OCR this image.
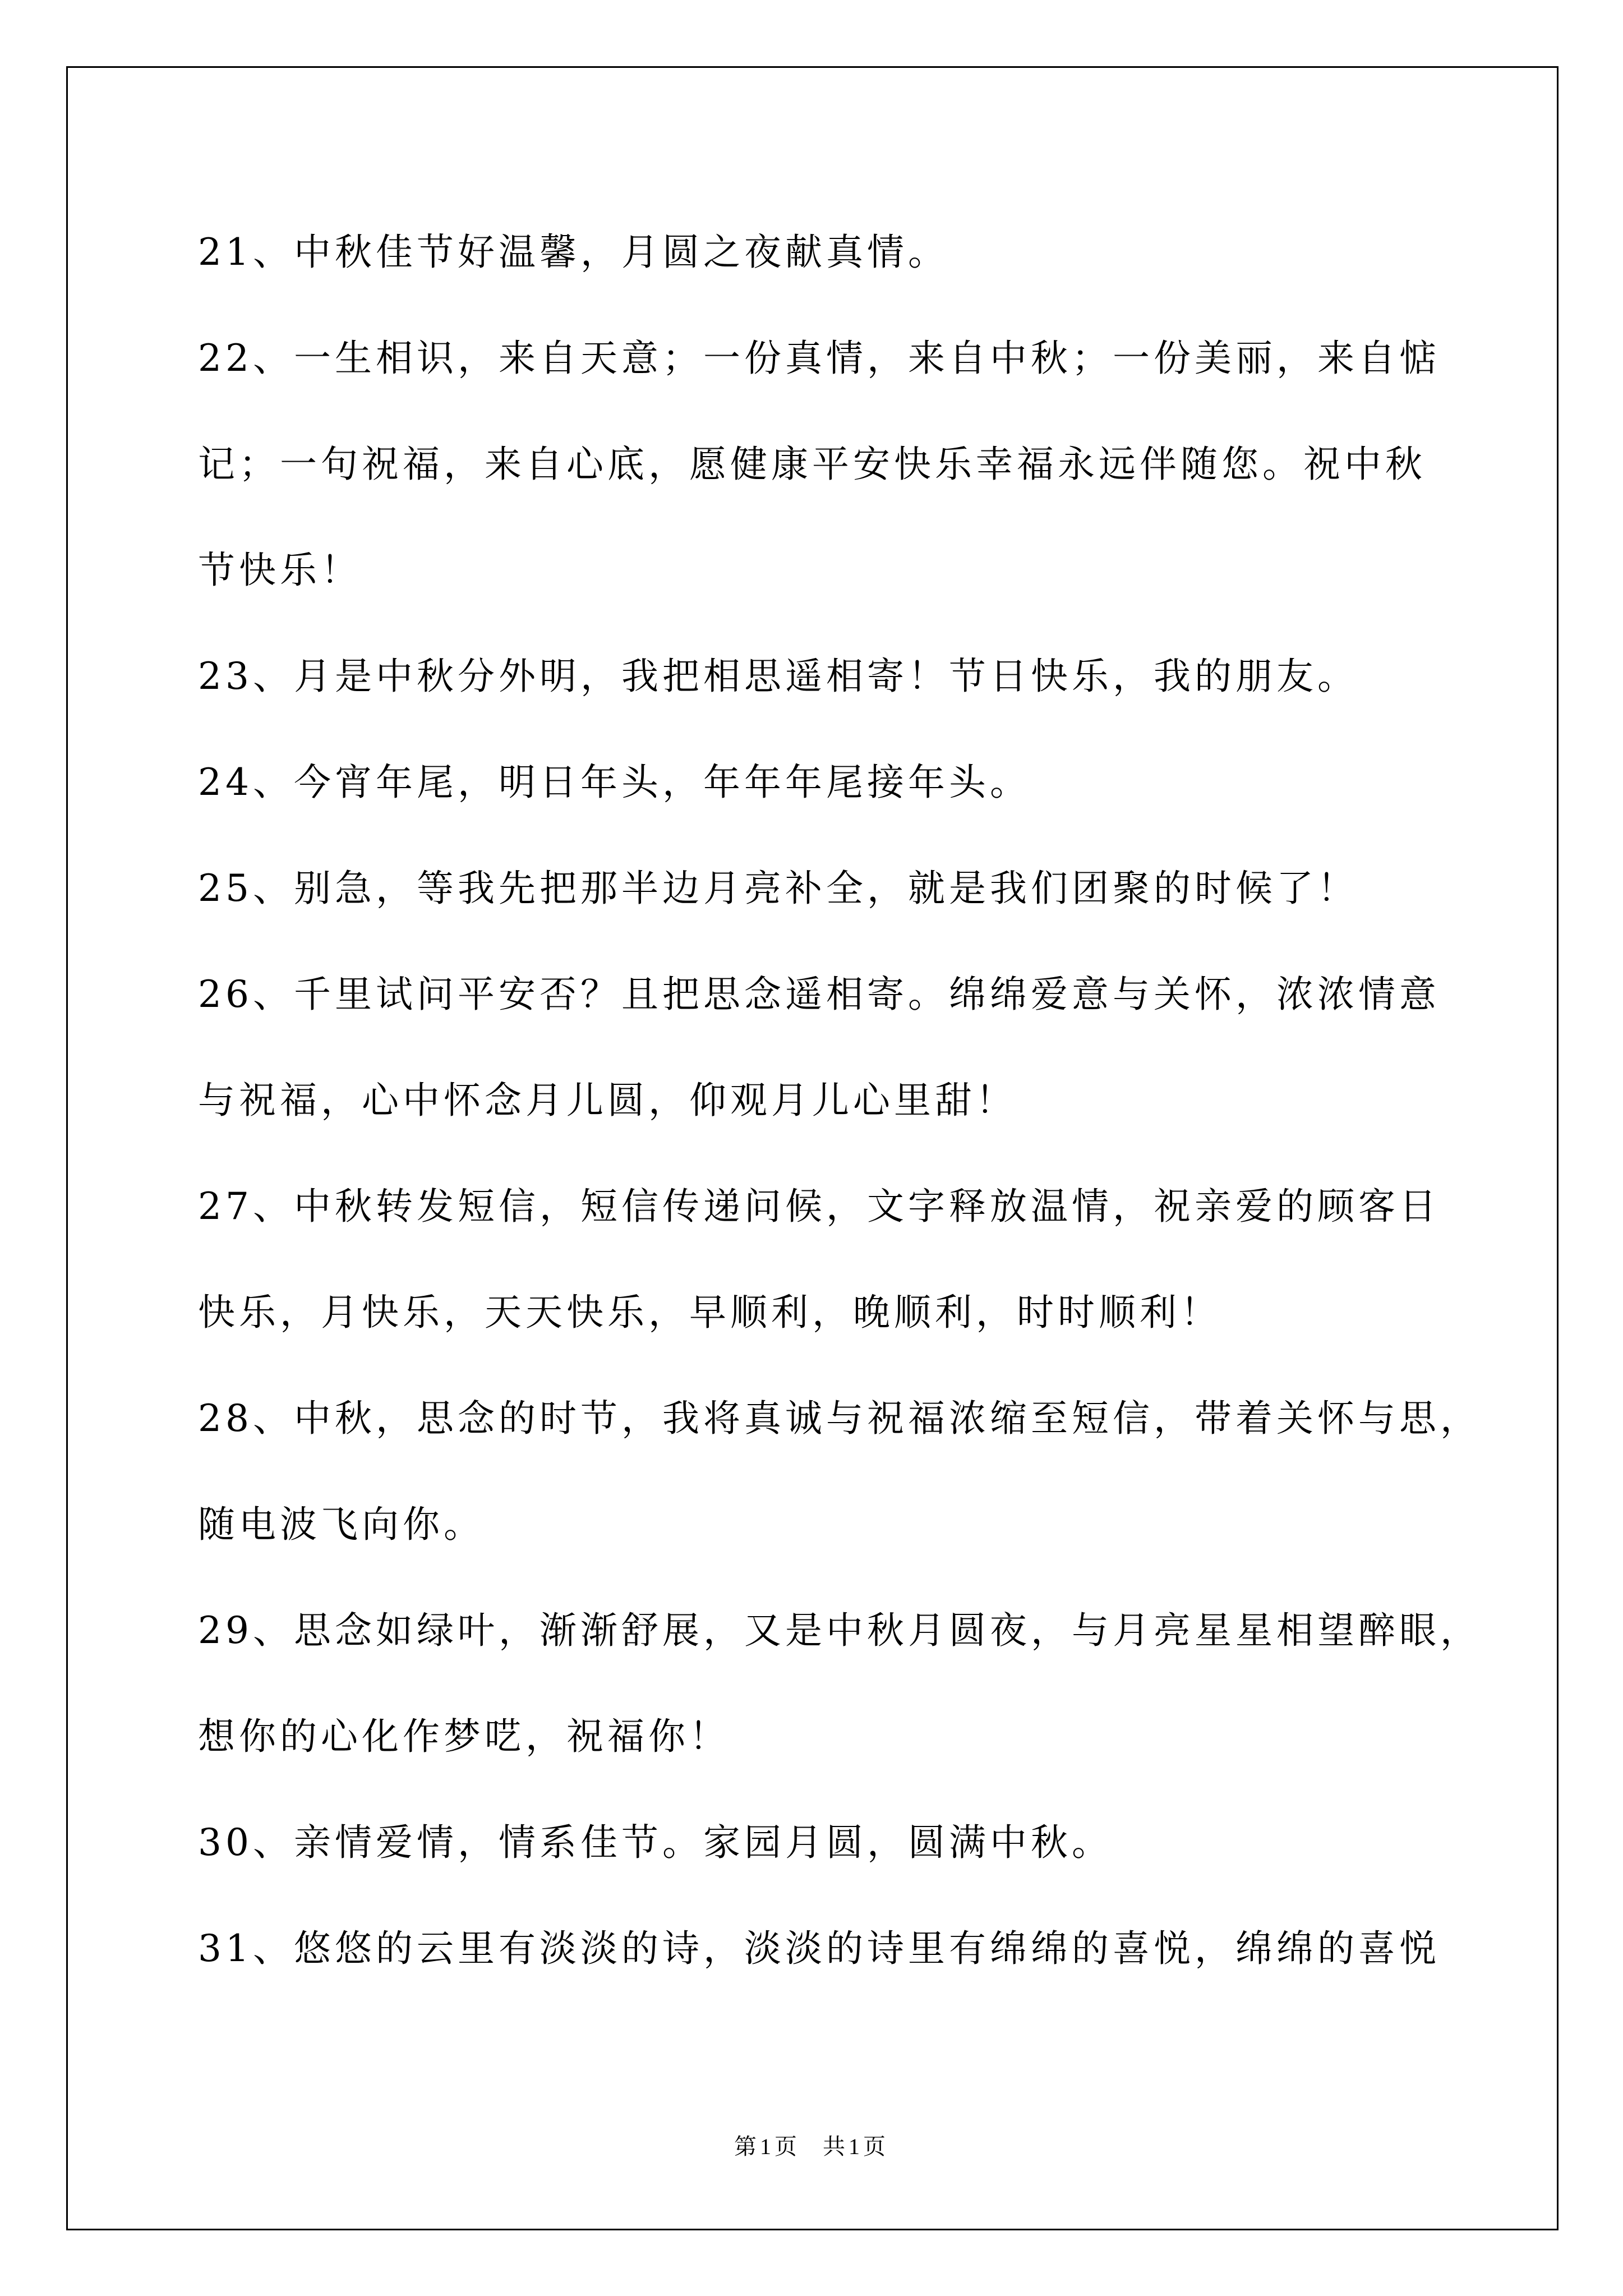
21、中秋佳节好温馨，月圆之夜献真情。
22、一生相识，来自天意；一份真情，来自中秋；一份美丽，来自惦
记；一句祝福，来自心底，愿健康平安快乐幸福永远伴随您。祝中秋
节快乐！
23、月是中秋分外明，我把相思遥相寄！节日快乐，我的朋友。
24、今宵年尾，明日年头，年年年尾接年头。
25、别急，等我先把那半边月亮补全，就是我们团聚的时候了！
26、千里试问平安否？且把思念遥相寄。绵绵爱意与关怀，浓浓情意
与祝福，心中怀念月儿圆，仰观月儿心里甜！
27、中秋转发短信，短信传递问候，文字释放温情，祝亲爱的顾客日
快乐，月快乐，天天快乐，早顺利，晚顺利，时时顺利！
28、中秋，思念的时节，我将真诚与祝福浓缩至短信，带着关怀与思，
随电波飞向你。
29、思念如绿叶，渐渐舒展，又是中秋月圆夜，与月亮星星相望醉眼，
想你的心化作梦呓，祝福你！
30、亲情爱情，情系佳节。家园月圆，圆满中秋。
31、悠悠的云里有淡淡的诗，淡淡的诗里有绵绵的喜悦，绵绵的喜悦
第1页 共1页
